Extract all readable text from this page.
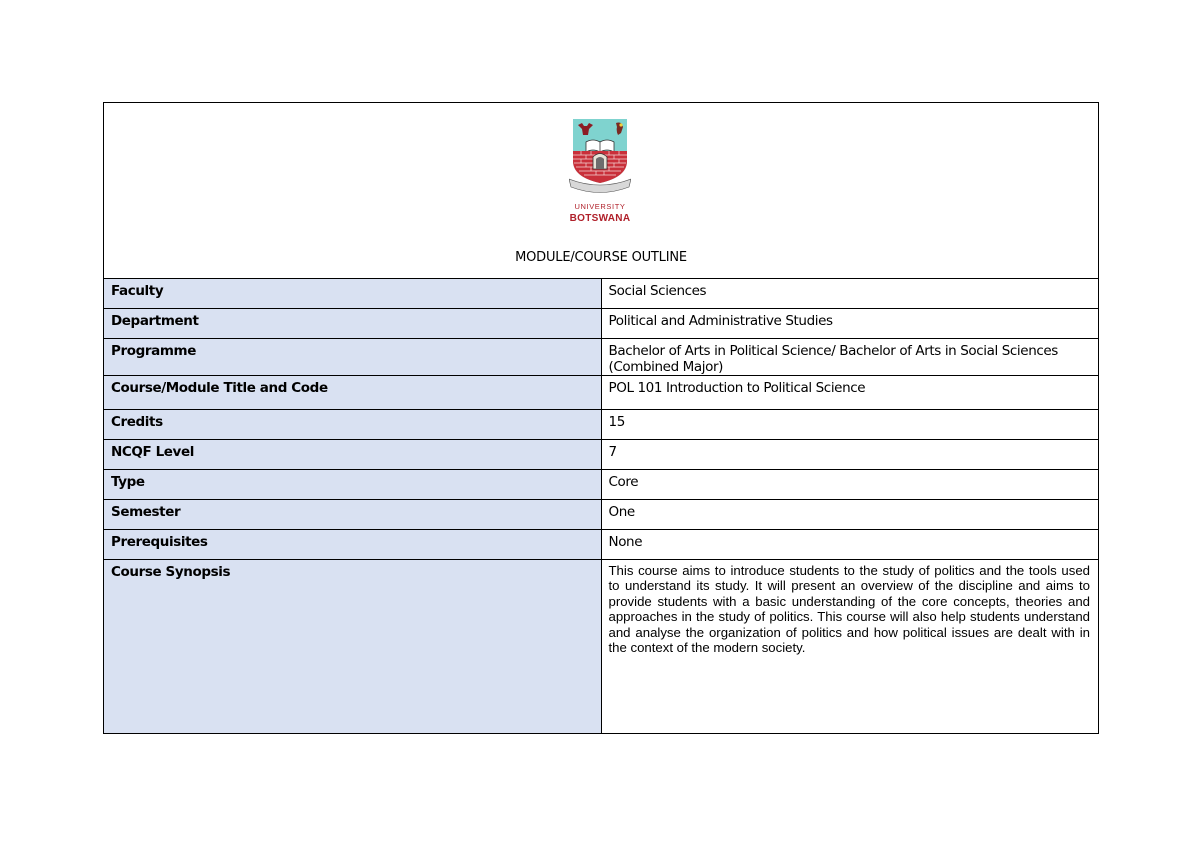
UNIVERSITY
BOTSWANA
MODULE/COURSE OUTLINE	

Faculty	Social Sciences
Department	Political and Administrative Studies
Programme	Bachelor of Arts in Political Science/ Bachelor of Arts in Social Sciences (Combined Major)
Course/Module Title and Code	POL 101 Introduction to Political Science
Credits	15
NCQF Level	7
Type	Core
Semester	One
Prerequisites	None
Course Synopsis	This course aims to introduce students to the study of politics and the tools used to understand its study. It will present an overview of the discipline and aims to provide students with a basic understanding of the core concepts, theories and approaches in the study of politics. This course will also help students understand and analyse the organization of politics and how political issues are dealt with in the context of the modern society.
